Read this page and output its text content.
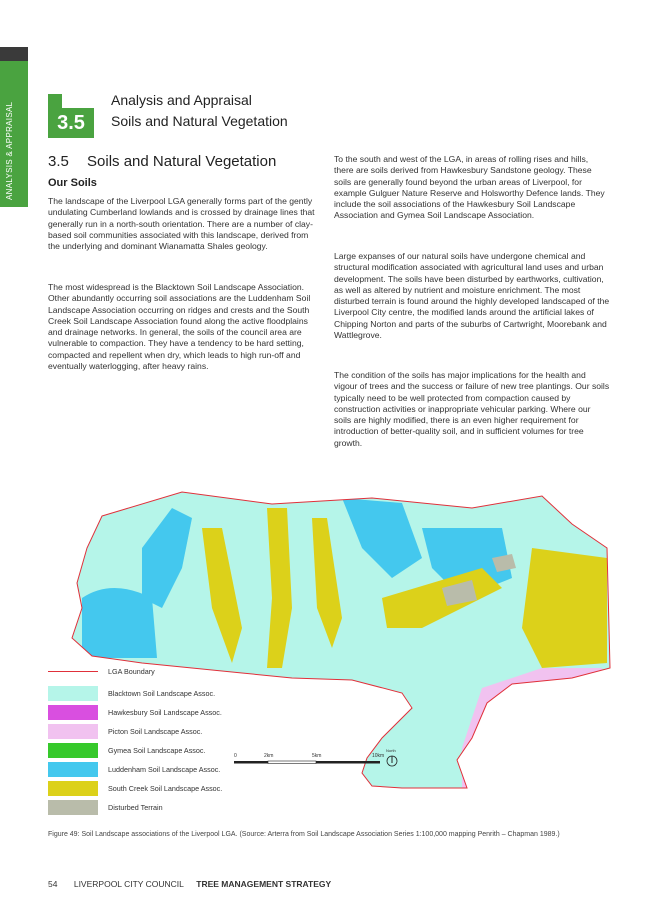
ANALYSIS & APPRAISAL	3.5
Analysis and Appraisal
Soils and Natural Vegetation
3.5 Soils and Natural Vegetation
Our Soils

The landscape of the Liverpool LGA generally forms part of the gently undulating Cumberland lowlands and is crossed by drainage lines that generally run in a north-south orientation. There are a number of clay-based soil communities associated with this landscape, derived from the underlying and dominant Wianamatta Shales geology.

The most widespread is the Blacktown Soil Landscape Association. Other abundantly occurring soil associations are the Luddenham Soil Landscape Association occurring on ridges and crests and the South Creek Soil Landscape Association found along the active floodplains and drainage networks. In general, the soils of the council area are vulnerable to compaction. They have a tendency to be hard setting, compacted and repellent when dry, which leads to high run-off and eventually waterlogging, after heavy rains.

To the south and west of the LGA, in areas of rolling rises and hills, there are soils derived from Hawkesbury Sandstone geology. These soils are generally found beyond the urban areas of Liverpool, for example Gulguer Nature Reserve and Holsworthy Defence lands. They include the soil associations of the Hawkesbury Soil Landscape Association and Gymea Soil Landscape Association.

Large expanses of our natural soils have undergone chemical and structural modification associated with agricultural land uses and urban development. The soils have been disturbed by earthworks, cultivation, as well as altered by nutrient and moisture enrichment. The most disturbed terrain is found around the highly developed landscaped of the Liverpool City centre, the modified lands around the artificial lakes of Chipping Norton and parts of the suburbs of Cartwright, Moorebank and Wattlegrove.

The condition of the soils has major implications for the health and vigour of trees and the success or failure of new tree plantings. Our soils typically need to be well protected from compaction caused by construction activities or inappropriate vehicular parking. Where our soils are highly modified, there is an even higher requirement for introduction of better-quality soil, and in sufficient volumes for tree growth.

LGA Boundary
Blacktown Soil Landscape Assoc.
Hawkesbury Soil Landscape Assoc.
Picton Soil Landscape Assoc.
Gymea Soil Landscape Assoc.
Luddenham Soil Landscape Assoc.
South Creek Soil Landscape Assoc.
Disturbed Terrain
0	2km	5km	10km
North
Figure 49: Soil Landscape associations of the Liverpool LGA. (Source: Arterra from Soil Landscape Association Series 1:100,000 mapping Penrith – Chapman 1989.)
54 LIVERPOOL CITY COUNCIL TREE MANAGEMENT STRATEGY
